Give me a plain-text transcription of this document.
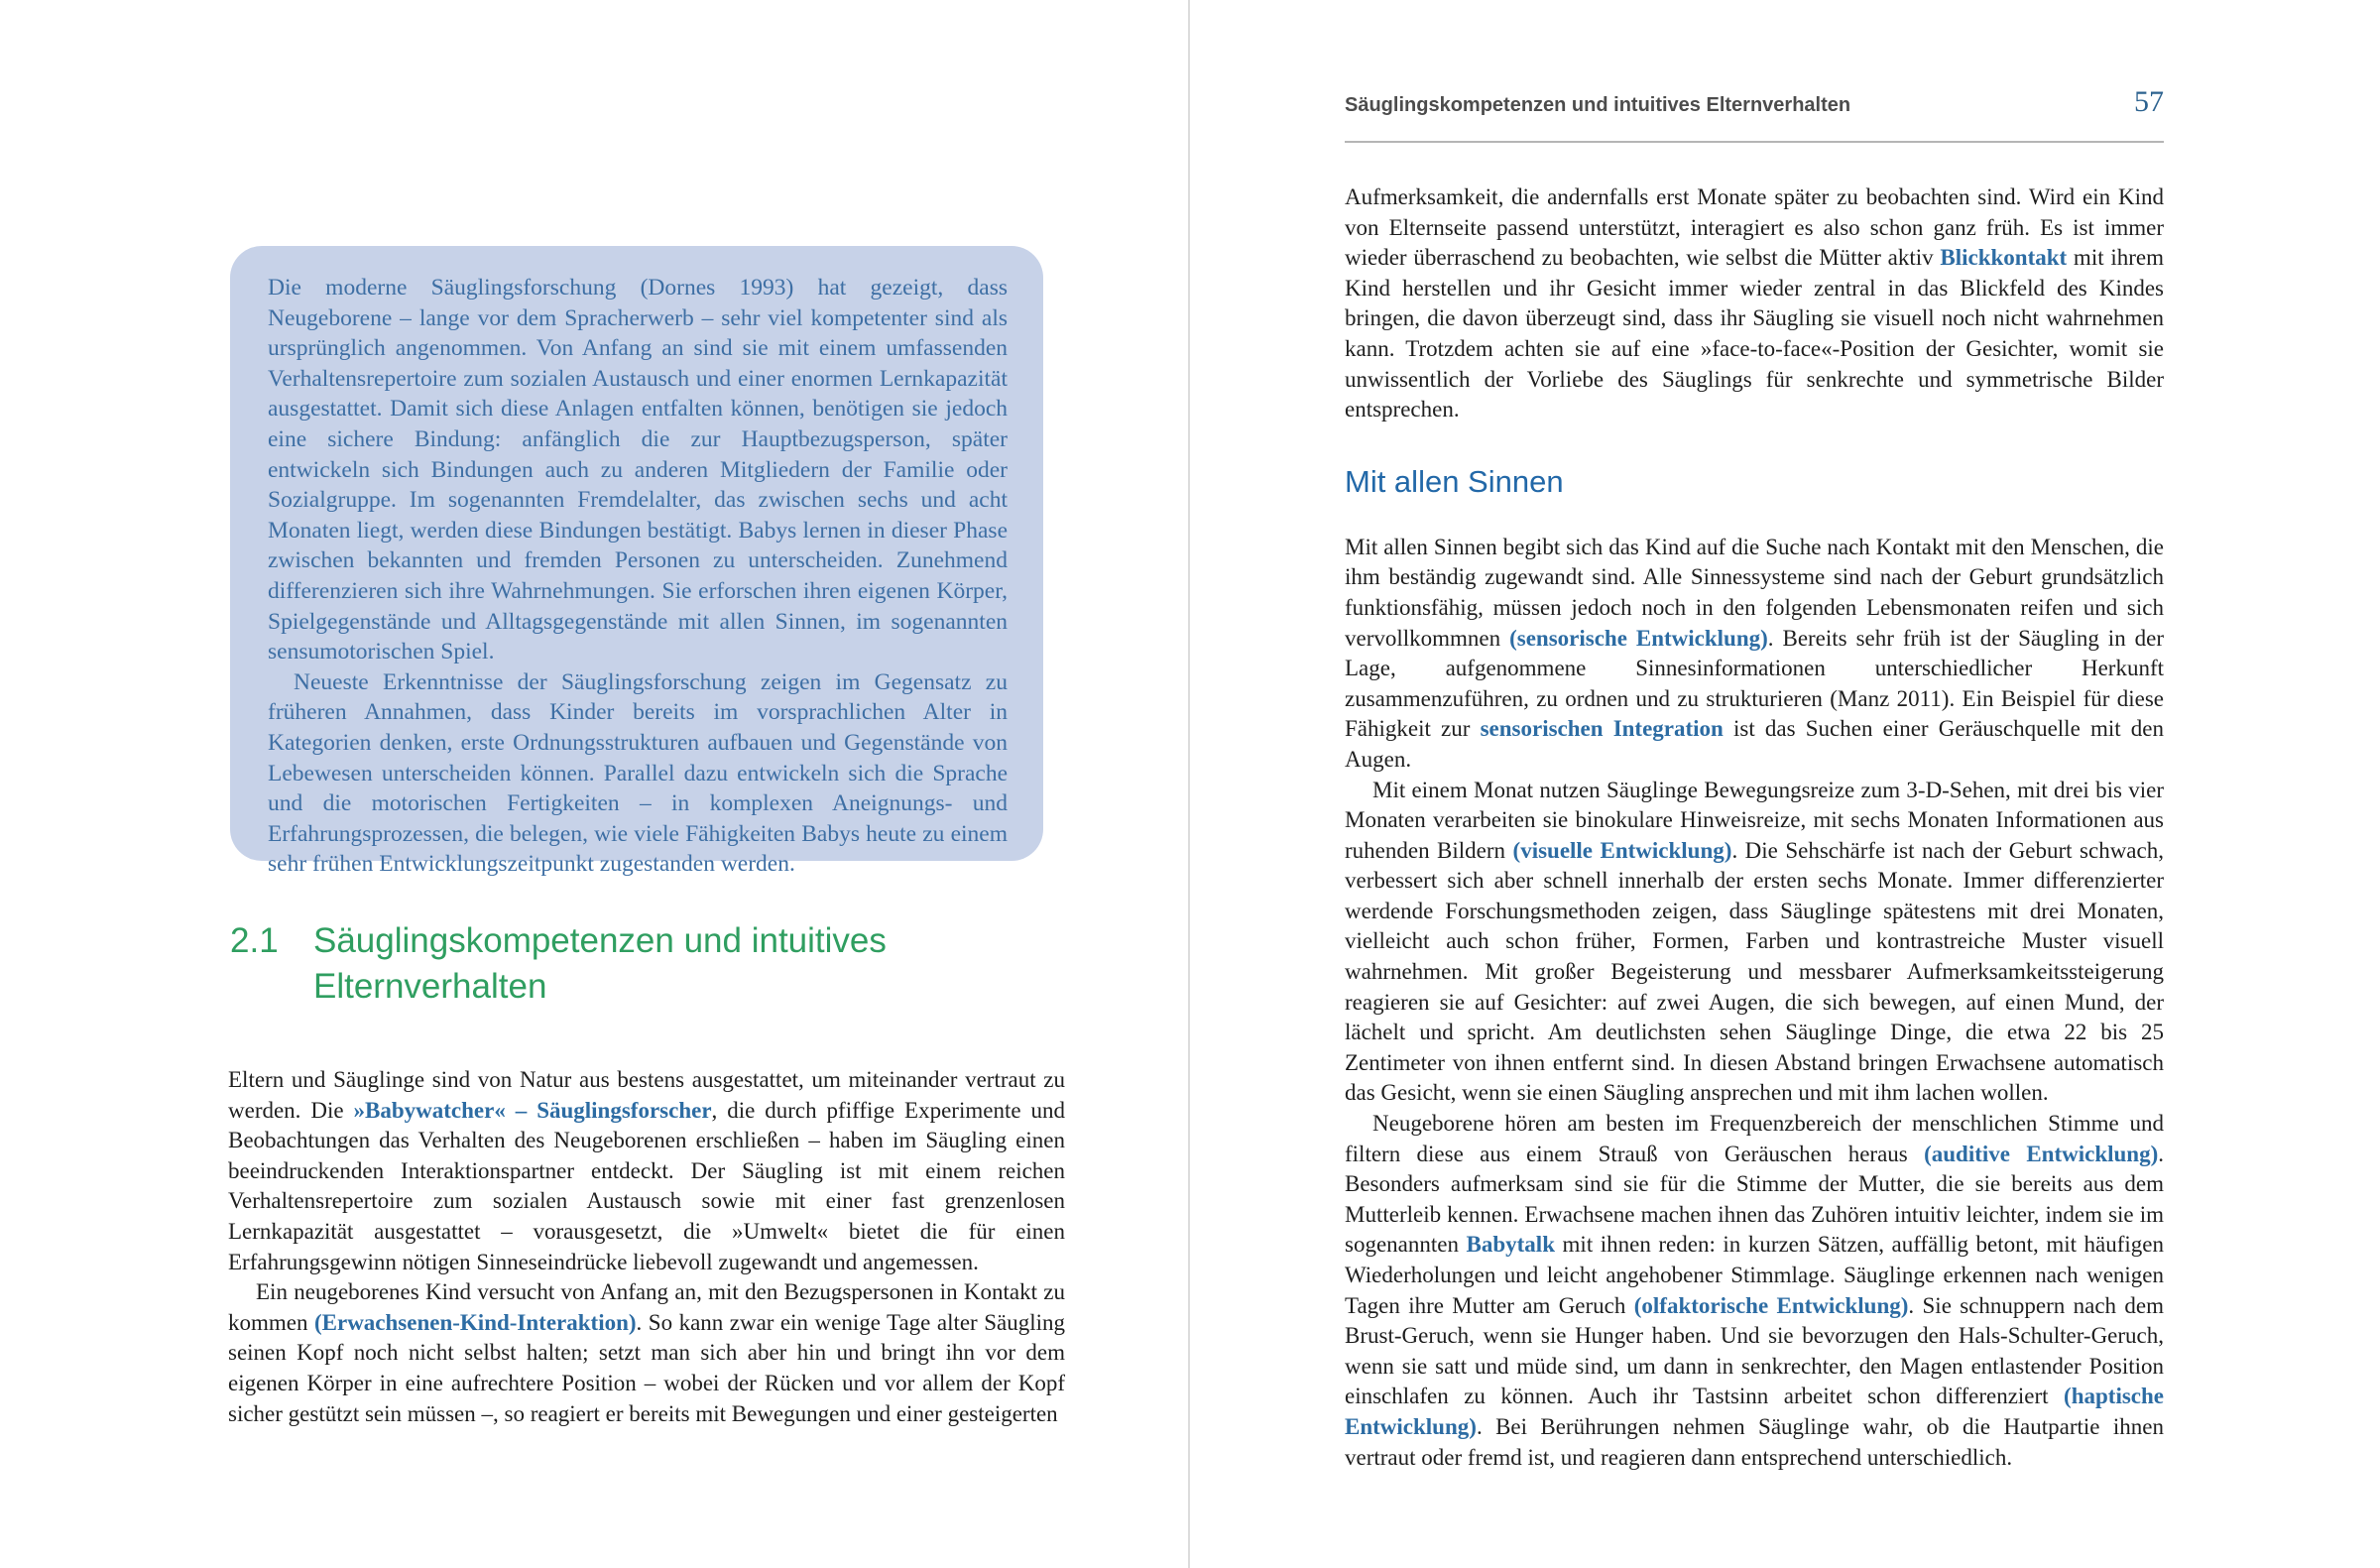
Die moderne Säuglingsforschung (Dornes 1993) hat gezeigt, dass Neugeborene – lange vor dem Spracherwerb – sehr viel kompetenter sind als ursprünglich angenommen. Von Anfang an sind sie mit einem umfassenden Verhaltensrepertoire zum sozialen Austausch und einer enormen Lernkapazität ausgestattet. Damit sich diese Anlagen entfalten können, benötigen sie jedoch eine sichere Bindung: anfänglich die zur Hauptbezugsperson, später entwickeln sich Bindungen auch zu anderen Mitgliedern der Familie oder Sozialgruppe. Im sogenannten Fremdelalter, das zwischen sechs und acht Monaten liegt, werden diese Bindungen bestätigt. Babys lernen in dieser Phase zwischen bekannten und fremden Personen zu unterscheiden. Zunehmend differenzieren sich ihre Wahrnehmungen. Sie erforschen ihren eigenen Körper, Spielgegenstände und Alltagsgegenstände mit allen Sinnen, im sogenannten sensumotorischen Spiel.

Neueste Erkenntnisse der Säuglingsforschung zeigen im Gegensatz zu früheren Annahmen, dass Kinder bereits im vorsprachlichen Alter in Kategorien denken, erste Ordnungsstrukturen aufbauen und Gegenstände von Lebewesen unterscheiden können. Parallel dazu entwickeln sich die Sprache und die motorischen Fertigkeiten – in komplexen Aneignungs- und Erfahrungsprozessen, die belegen, wie viele Fähigkeiten Babys heute zu einem sehr frühen Entwicklungszeitpunkt zugestanden werden.

2.1	Säuglingskompetenzen und intuitives
Elternverhalten

Eltern und Säuglinge sind von Natur aus bestens ausgestattet, um miteinander vertraut zu werden. Die »Babywatcher« – Säuglingsforscher, die durch pfiffige Experimente und Beobachtungen das Verhalten des Neugeborenen erschließen – haben im Säugling einen beeindruckenden Interaktionspartner entdeckt. Der Säugling ist mit einem reichen Verhaltensrepertoire zum sozialen Austausch sowie mit einer fast grenzenlosen Lernkapazität ausgestattet – vorausgesetzt, die »Umwelt« bietet die für einen Erfahrungsgewinn nötigen Sinneseindrücke liebevoll zugewandt und angemessen.

Ein neugeborenes Kind versucht von Anfang an, mit den Bezugspersonen in Kontakt zu kommen (Erwachsenen-Kind-Interaktion). So kann zwar ein wenige Tage alter Säugling seinen Kopf noch nicht selbst halten; setzt man sich aber hin und bringt ihn vor dem eigenen Körper in eine aufrechtere Position – wobei der Rücken und vor allem der Kopf sicher gestützt sein müssen –, so reagiert er bereits mit Bewegungen und einer gesteigerten

Säuglingskompetenzen und intuitives Elternverhalten	57

Aufmerksamkeit, die andernfalls erst Monate später zu beobachten sind. Wird ein Kind von Elternseite passend unterstützt, interagiert es also schon ganz früh. Es ist immer wieder überraschend zu beobachten, wie selbst die Mütter aktiv Blickkontakt mit ihrem Kind herstellen und ihr Gesicht immer wieder zentral in das Blickfeld des Kindes bringen, die davon überzeugt sind, dass ihr Säugling sie visuell noch nicht wahrnehmen kann. Trotzdem achten sie auf eine »face-to-face«-Position der Gesichter, womit sie unwissentlich der Vorliebe des Säuglings für senkrechte und symmetrische Bilder entsprechen.

Mit allen Sinnen

Mit allen Sinnen begibt sich das Kind auf die Suche nach Kontakt mit den Menschen, die ihm beständig zugewandt sind. Alle Sinnessysteme sind nach der Geburt grundsätzlich funktionsfähig, müssen jedoch noch in den folgenden Lebensmonaten reifen und sich vervollkommnen (sensorische Entwicklung). Bereits sehr früh ist der Säugling in der Lage, aufgenommene Sinnesinformationen unterschiedlicher Herkunft zusammenzuführen, zu ordnen und zu strukturieren (Manz 2011). Ein Beispiel für diese Fähigkeit zur sensorischen Integration ist das Suchen einer Geräuschquelle mit den Augen.

Mit einem Monat nutzen Säuglinge Bewegungsreize zum 3-D-Sehen, mit drei bis vier Monaten verarbeiten sie binokulare Hinweisreize, mit sechs Monaten Informationen aus ruhenden Bildern (visuelle Entwicklung). Die Sehschärfe ist nach der Geburt schwach, verbessert sich aber schnell innerhalb der ersten sechs Monate. Immer differenzierter werdende Forschungsmethoden zeigen, dass Säuglinge spätestens mit drei Monaten, vielleicht auch schon früher, Formen, Farben und kontrastreiche Muster visuell wahrnehmen. Mit großer Begeisterung und messbarer Aufmerksamkeitssteigerung reagieren sie auf Gesichter: auf zwei Augen, die sich bewegen, auf einen Mund, der lächelt und spricht. Am deutlichsten sehen Säuglinge Dinge, die etwa 22 bis 25 Zentimeter von ihnen entfernt sind. In diesen Abstand bringen Erwachsene automatisch das Gesicht, wenn sie einen Säugling ansprechen und mit ihm lachen wollen.

Neugeborene hören am besten im Frequenzbereich der menschlichen Stimme und filtern diese aus einem Strauß von Geräuschen heraus (auditive Entwicklung). Besonders aufmerksam sind sie für die Stimme der Mutter, die sie bereits aus dem Mutterleib kennen. Erwachsene machen ihnen das Zuhören intuitiv leichter, indem sie im sogenannten Babytalk mit ihnen reden: in kurzen Sätzen, auffällig betont, mit häufigen Wiederholungen und leicht angehobener Stimmlage. Säuglinge erkennen nach wenigen Tagen ihre Mutter am Geruch (olfaktorische Entwicklung). Sie schnuppern nach dem Brust-Geruch, wenn sie Hunger haben. Und sie bevorzugen den Hals-Schulter-Geruch, wenn sie satt und müde sind, um dann in senkrechter, den Magen entlastender Position einschlafen zu können. Auch ihr Tastsinn arbeitet schon differenziert (haptische Entwicklung). Bei Berührungen nehmen Säuglinge wahr, ob die Hautpartie ihnen vertraut oder fremd ist, und reagieren dann entsprechend unterschiedlich.
